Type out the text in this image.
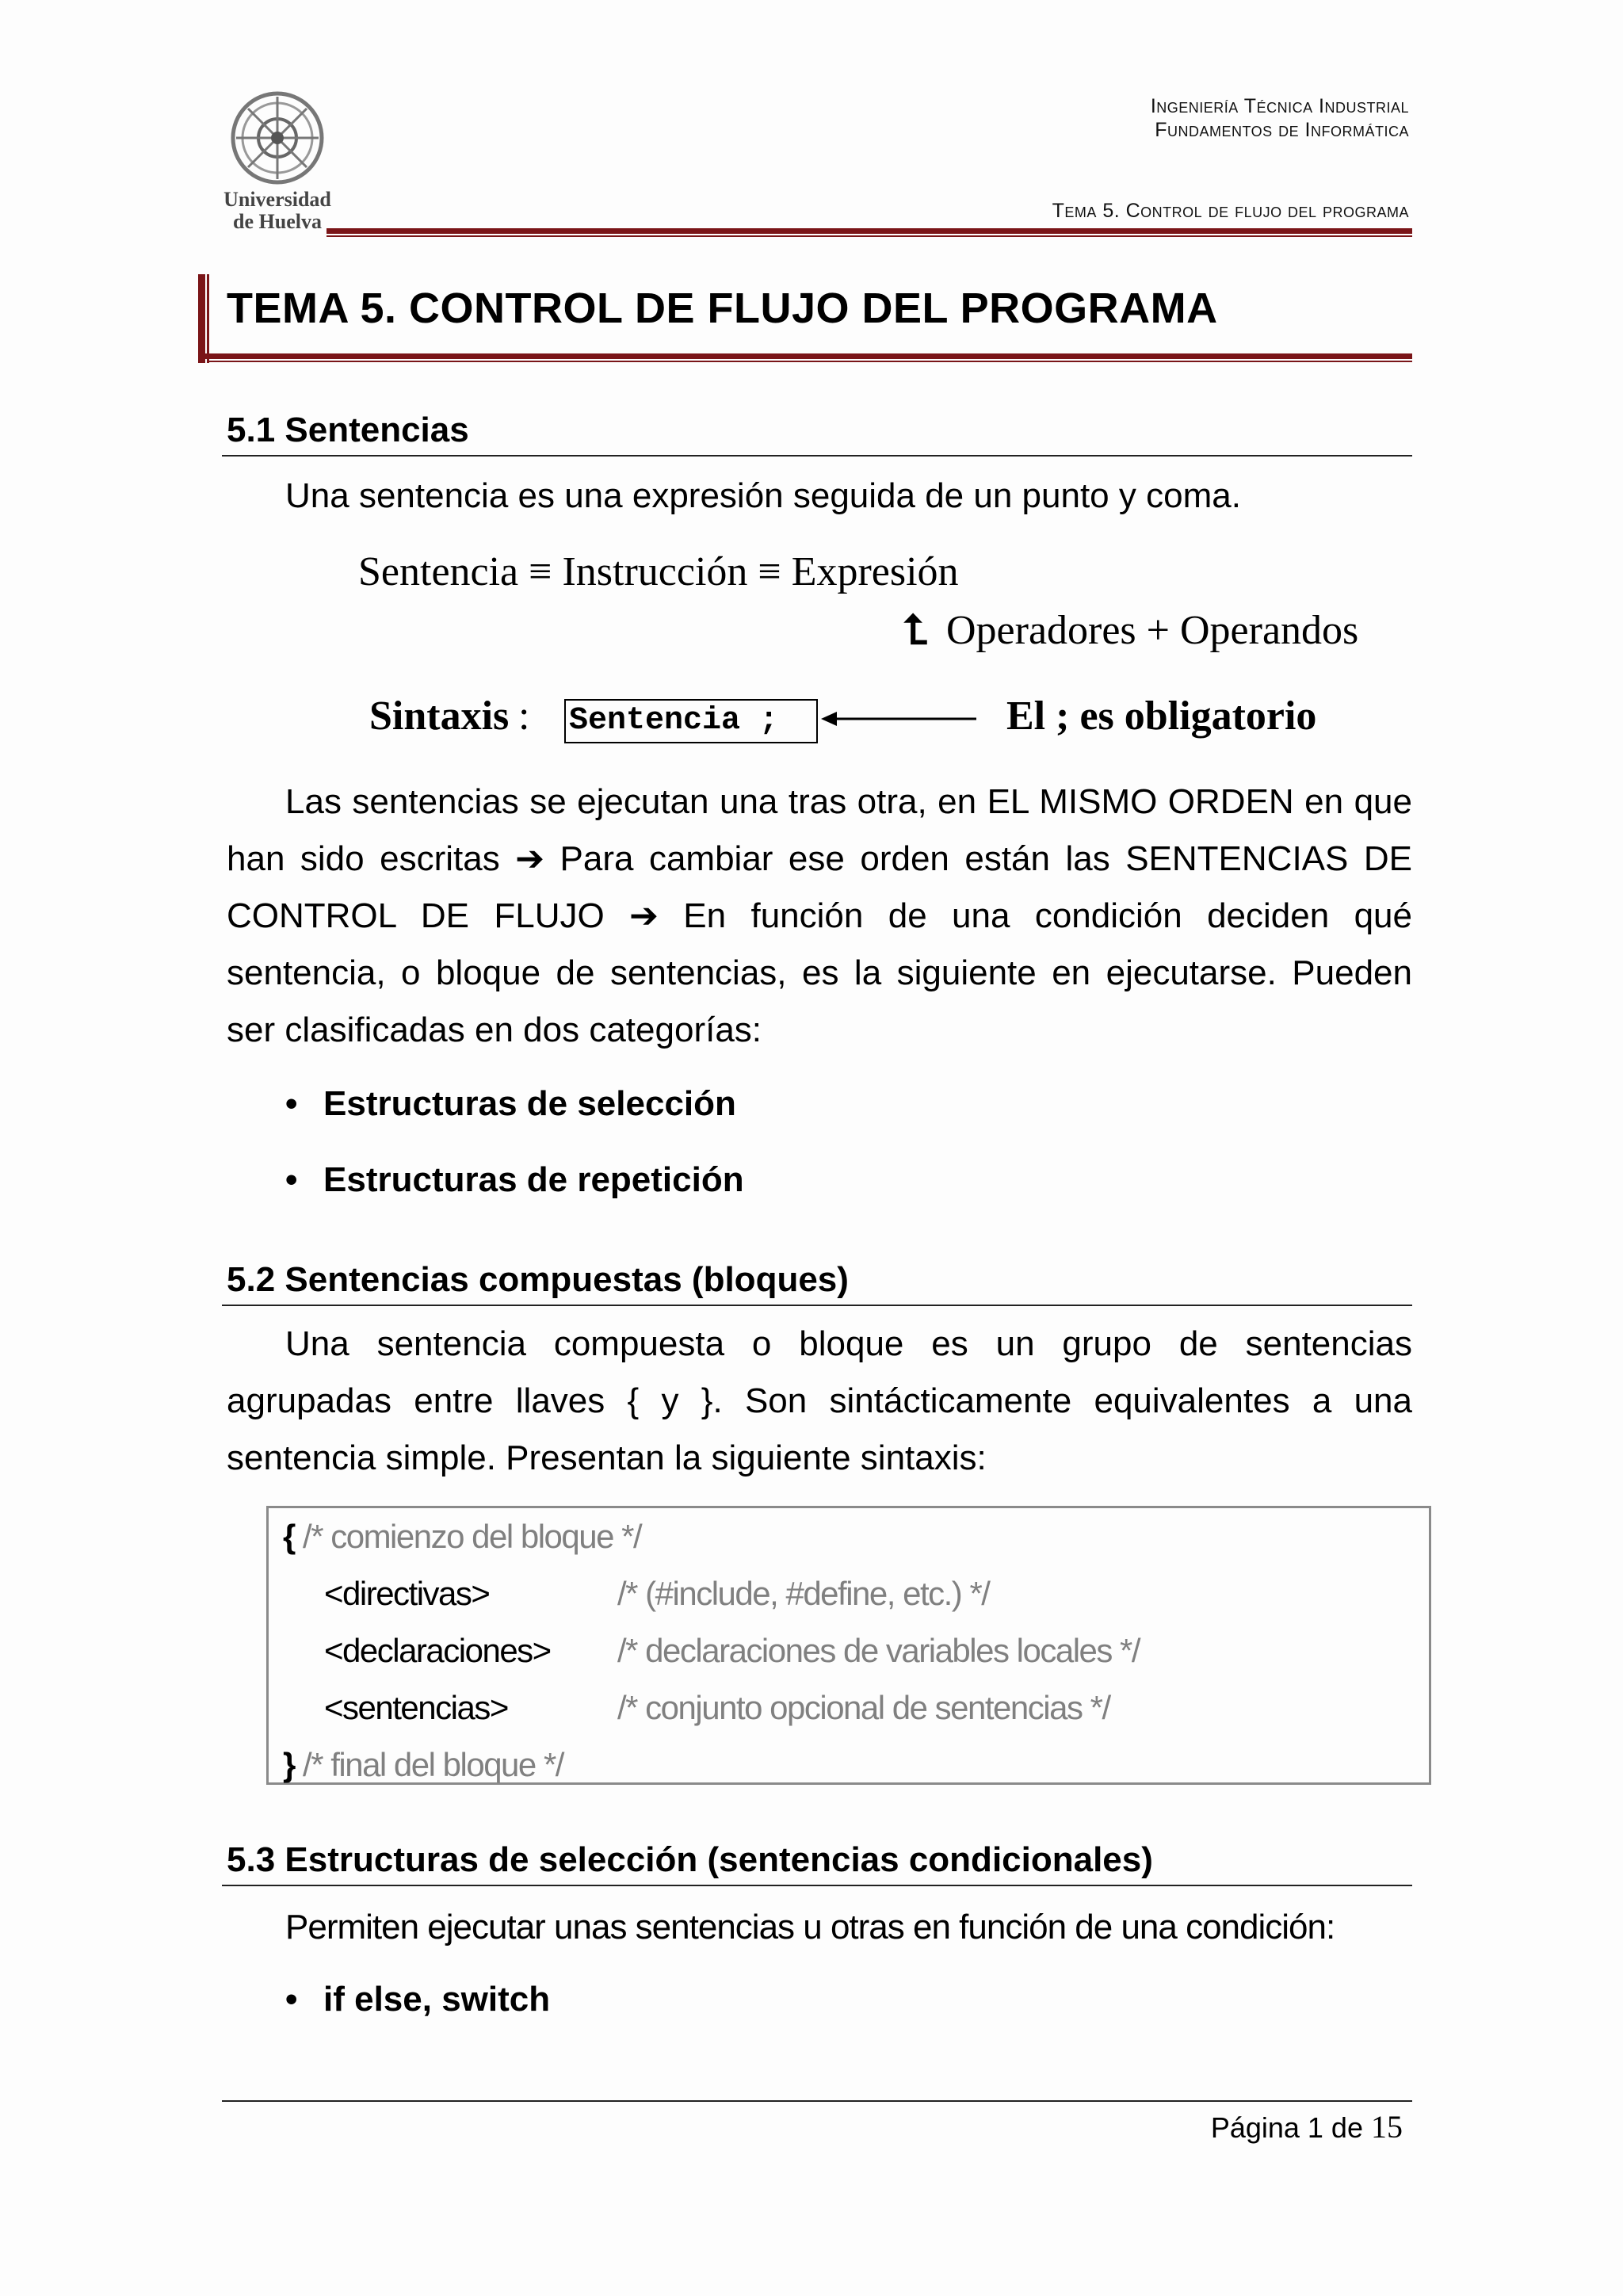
Universidad
de Huelva
Ingeniería Técnica Industrial
Fundamentos de Informática
Tema 5. Control de flujo del programa
TEMA 5. CONTROL DE FLUJO DEL PROGRAMA
5.1 Sentencias
Una sentencia es una expresión seguida de un punto y coma.
Sentencia ≡ Instrucción ≡ Expresión
⮤ Operadores + Operandos
Sintaxis : Sentencia ;	El ; es obligatorio
Las sentencias se ejecutan una tras otra, en EL MISMO ORDEN en que han sido escritas ➔ Para cambiar ese orden están las SENTENCIAS DE CONTROL DE FLUJO ➔ En función de una condición deciden qué sentencia, o bloque de sentencias, es la siguiente en ejecutarse. Pueden ser clasificadas en dos categorías:
• Estructuras de selección
• Estructuras de repetición
5.2 Sentencias compuestas (bloques)
Una sentencia compuesta o bloque es un grupo de sentencias agrupadas entre llaves { y }. Son sintácticamente equivalentes a una sentencia simple. Presentan la siguiente sintaxis:
{ /* comienzo del bloque */
<directivas>	/* (#include, #define, etc.) */
<declaraciones> /* declaraciones de variables locales */
<sentencias>	/* conjunto opcional de sentencias */
} /* final del bloque */
5.3 Estructuras de selección (sentencias condicionales)
Permiten ejecutar unas sentencias u otras en función de una condición:
• if else, switch
Página 1 de 15
